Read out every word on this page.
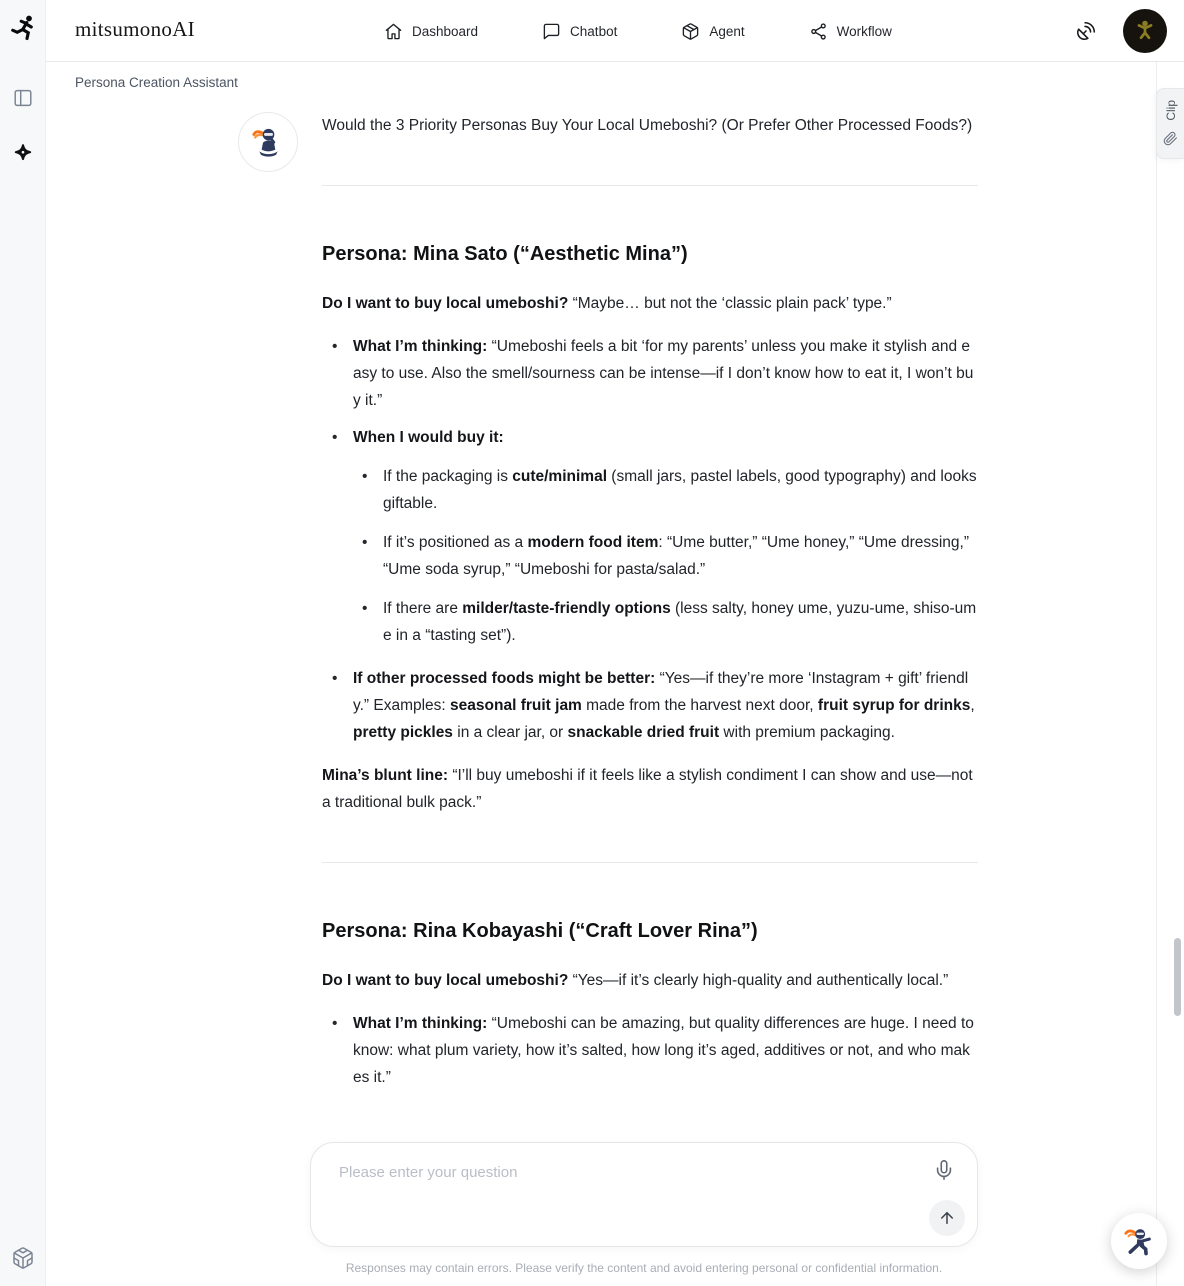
mitsumonoAI	Dashboard	Chatbot	Agent	Workflow
Persona Creation Assistant
Would the 3 Priority Personas Buy Your Local Umeboshi? (Or Prefer Other Processed Foods?)
Persona: Mina Sato (“Aesthetic Mina”)

Do I want to buy local umeboshi? “Maybe… but not the ‘classic plain pack’ type.”

• What I’m thinking: “Umeboshi feels a bit ‘for my parents’ unless you make it stylish and easy to use. Also the smell/sourness can be intense—if I don’t know how to eat it, I won’t buy it.”
• When I would buy it:
• If the packaging is cute/minimal (small jars, pastel labels, good typography) and looks giftable.
• If it’s positioned as a modern food item: “Ume butter,” “Ume honey,” “Ume dressing,” “Ume soda syrup,” “Umeboshi for pasta/salad.”
• If there are milder/taste-friendly options (less salty, honey ume, yuzu-ume, shiso-ume in a “tasting set”).
• If other processed foods might be better: “Yes—if they’re more ‘Instagram + gift’ friendly.” Examples: seasonal fruit jam made from the harvest next door, fruit syrup for drinks, pretty pickles in a clear jar, or snackable dried fruit with premium packaging.

Mina’s blunt line: “I’ll buy umeboshi if it feels like a stylish condiment I can show and use—not a traditional bulk pack.”

Persona: Rina Kobayashi (“Craft Lover Rina”)

Do I want to buy local umeboshi? “Yes—if it’s clearly high-quality and authentically local.”

• What I’m thinking: “Umeboshi can be amazing, but quality differences are huge. I need to know: what plum variety, how it’s salted, how long it’s aged, additives or not, and who makes it.”
Clip
Please enter your question
Responses may contain errors. Please verify the content and avoid entering personal or confidential information.
